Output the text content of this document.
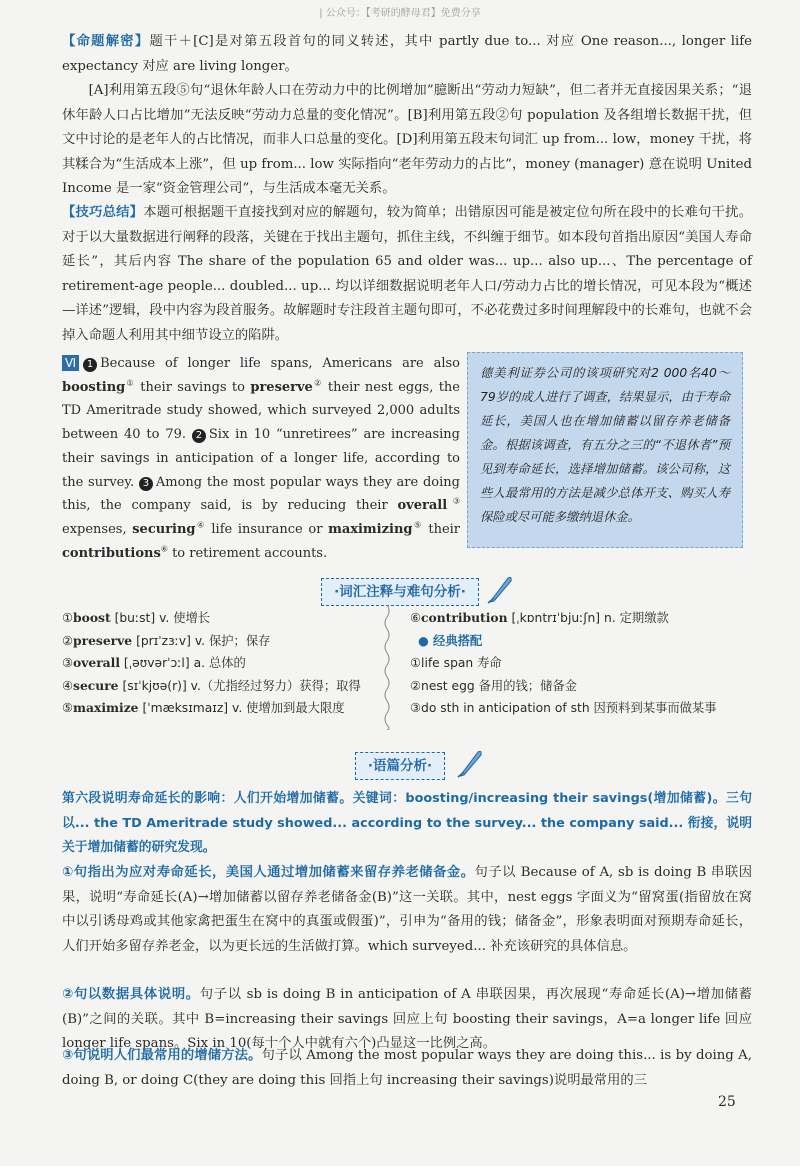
| 公众号：【考研的酵母君】免费分享

【命题解密】题干＋[C]是对第五段首句的同义转述，其中 partly due to... 对应 One reason..., longer life expectancy 对应 are living longer。

[A]利用第五段⑤句“退休年龄人口在劳动力中的比例增加”臆断出“劳动力短缺”，但二者并无直接因果关系；“退休年龄人口占比增加”无法反映“劳动力总量的变化情况”。[B]利用第五段②句 population 及各组增长数据干扰，但文中讨论的是老年人的占比情况，而非人口总量的变化。[D]利用第五段末句词汇 up from... low，money 干扰，将其糅合为“生活成本上涨”，但 up from... low 实际指向“老年劳动力的占比”，money (manager) 意在说明 United Income 是一家“资金管理公司”，与生活成本毫无关系。

【技巧总结】本题可根据题干直接找到对应的解题句，较为简单；出错原因可能是被定位句所在段中的长难句干扰。对于以大量数据进行阐释的段落，关键在于找出主题句，抓住主线，不纠缠于细节。如本段句首指出原因“美国人寿命延长”，其后内容 The share of the population 65 and older was... up... also up...、The percentage of retirement-age people... doubled... up... 均以详细数据说明老年人口/劳动力占比的增长情况，可见本段为“概述—详述”逻辑，段中内容为段首服务。故解题时专注段首主题句即可，不必花费过多时间理解段中的长难句，也就不会掉入命题人利用其中细节设立的陷阱。

Ⅵ 1 Because of longer life spans, Americans are also boosting① their savings to preserve② their nest eggs, the TD Ameritrade study showed, which surveyed 2,000 adults between 40 to 79. 2 Six in 10 “unretirees” are increasing their savings in anticipation of a longer life, according to the survey. 3 Among the most popular ways they are doing this, the company said, is by reducing their overall③ expenses, securing④ life insurance or maximizing⑤ their contributions⑥ to retirement accounts.
德美利证券公司的该项研究对2 000名40～79岁的成人进行了调查，结果显示，由于寿命延长，美国人也在增加储蓄以留存养老储备金。根据该调查，有五分之三的“不退休者”预见到寿命延长，选择增加储蓄。该公司称，这些人最常用的方法是减少总体开支、购买人寿保险或尽可能多缴纳退休金。
·词汇注释与难句分析·
①boost [buːst] v. 使增长
②preserve [prɪˈzɜːv] v. 保护；保存
③overall [ˌəʊvərˈɔːl] a. 总体的
④secure [sɪˈkjʊə(r)] v.（尤指经过努力）获得；取得
⑤maximize [ˈmæksɪmaɪz] v. 使增加到最大限度
⑥contribution [ˌkɒntrɪˈbjuːʃn] n. 定期缴款
● 经典搭配
①life span 寿命
②nest egg 备用的钱；储备金
③do sth in anticipation of sth 因预料到某事而做某事
·语篇分析·

第六段说明寿命延长的影响：人们开始增加储蓄。关键词：boosting/increasing their savings(增加储蓄)。三句以... the TD Ameritrade study showed... according to the survey... the company said... 衔接，说明关于增加储蓄的研究发现。

①句指出为应对寿命延长，美国人通过增加储蓄来留存养老储备金。句子以 Because of A, sb is doing B 串联因果，说明“寿命延长(A)→增加储蓄以留存养老储备金(B)”这一关联。其中，nest eggs 字面义为“留窝蛋(指留放在窝中以引诱母鸡或其他家禽把蛋生在窝中的真蛋或假蛋)”，引申为“备用的钱；储备金”，形象表明面对预期寿命延长，人们开始多留存养老金，以为更长远的生活做打算。which surveyed... 补充该研究的具体信息。

②句以数据具体说明。句子以 sb is doing B in anticipation of A 串联因果，再次展现“寿命延长(A)→增加储蓄(B)”之间的关联。其中 B=increasing their savings 回应上句 boosting their savings，A=a longer life 回应 longer life spans。Six in 10(每十个人中就有六个)凸显这一比例之高。

③句说明人们最常用的增储方法。句子以 Among the most popular ways they are doing this... is by doing A, doing B, or doing C(they are doing this 回指上句 increasing their savings)说明最常用的三

25
